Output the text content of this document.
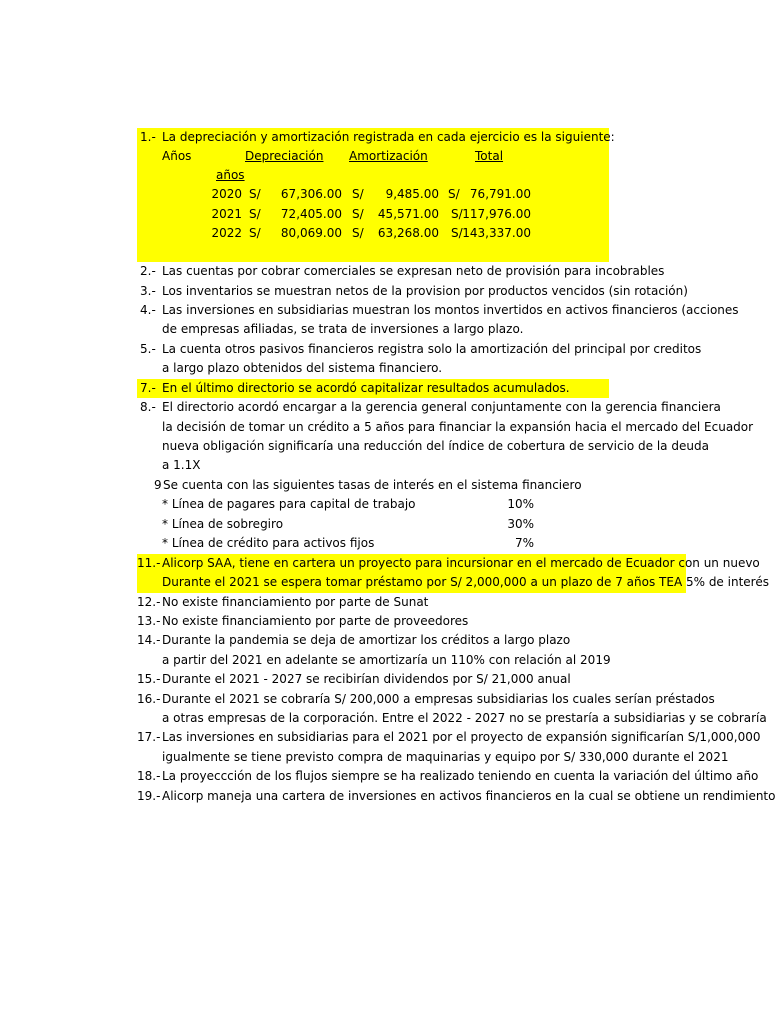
1.- La depreciación y amortización registrada en cada ejercicio es la siguiente:
Años	Depreciación Amortización	Total
años
2020 S/	67,306.00 S/	9,485.00 S/ 76,791.00
2021 S/	72,405.00 S/	45,571.00 S/ 117,976.00
2022 S/	80,069.00 S/	63,268.00 S/ 143,337.00
2.- Las cuentas por cobrar comerciales se expresan neto de provisión para incobrables
3.- Los inventarios se muestran netos de la provision por productos vencidos (sin rotación)
4.- Las inversiones en subsidiarias muestran los montos invertidos en activos financieros (acciones
de empresas afiliadas, se trata de inversiones a largo plazo.
5.- La cuenta otros pasivos financieros registra solo la amortización del principal por creditos
a largo plazo obtenidos del sistema financiero.
7.- En el último directorio se acordó capitalizar resultados acumulados.
8.- El directorio acordó encargar a la gerencia general conjuntamente con la gerencia financiera
la decisión de tomar un crédito a 5 años para financiar la expansión hacia el mercado del Ecuador
nueva obligación significaría una reducción del índice de cobertura de servicio de la deuda
a 1.1X
9 Se cuenta con las siguientes tasas de interés en el sistema financiero
* Línea de pagares para capital de trabajo	10%
* Línea de sobregiro	30%
* Línea de crédito para activos fijos	7%
11.- Alicorp SAA, tiene en cartera un proyecto para incursionar en el mercado de Ecuador con un nuevo
Durante el 2021 se espera tomar préstamo por S/ 2,000,000 a un plazo de 7 años TEA 5% de interés
12.- No existe financiamiento por parte de Sunat
13.- No existe financiamiento por parte de proveedores
14.- Durante la pandemia se deja de amortizar los créditos a largo plazo
a partir del 2021 en adelante se amortizaría un 110% con relación al 2019
15.- Durante el 2021 - 2027 se recibirían dividendos por S/ 21,000 anual
16.- Durante el 2021 se cobraría S/ 200,000 a empresas subsidiarias los cuales serían préstados
a otras empresas de la corporación. Entre el 2022 - 2027 no se prestaría a subsidiarias y se cobraría
17.- Las inversiones en subsidiarias para el 2021 por el proyecto de expansión significarían S/1,000,000
igualmente se tiene previsto compra de maquinarias y equipo por S/ 330,000 durante el 2021
18.- La proyeccción de los flujos siempre se ha realizado teniendo en cuenta la variación del último año
19.- Alicorp maneja una cartera de inversiones en activos financieros en la cual se obtiene un rendimiento
